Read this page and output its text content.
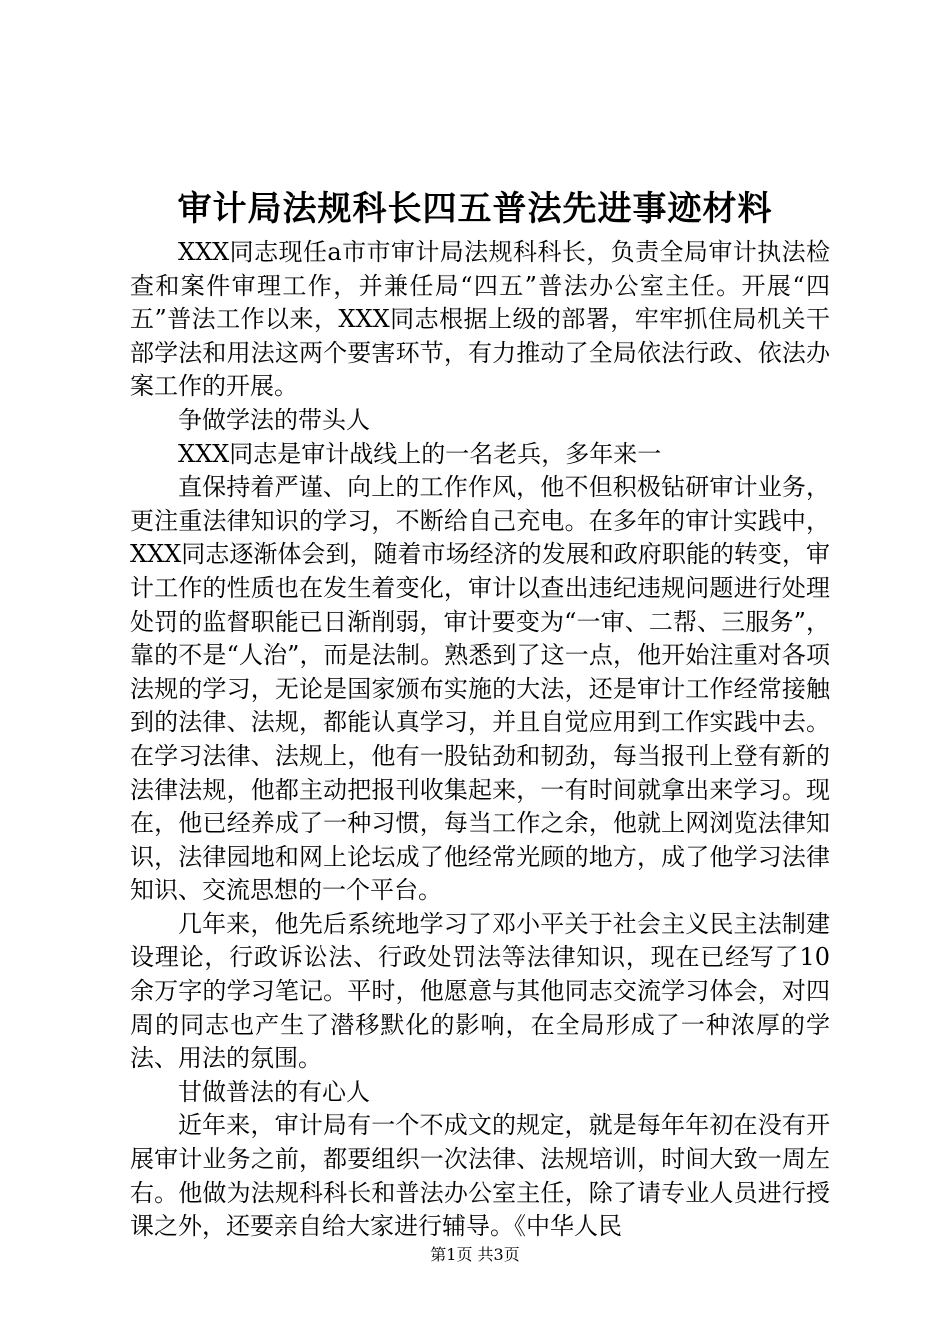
审计局法规科长四五普法先进事迹材料

XXX同志现任a市市审计局法规科科长，负责全局审计执法检查和案件审理工作，并兼任局“四五”普法办公室主任。开展“四五”普法工作以来，XXX同志根据上级的部署，牢牢抓住局机关干部学法和用法这两个要害环节，有力推动了全局依法行政、依法办案工作的开展。

争做学法的带头人

XXX同志是审计战线上的一名老兵，多年来一

直保持着严谨、向上的工作作风，他不但积极钻研审计业务，更注重法律知识的学习，不断给自己充电。在多年的审计实践中，XXX同志逐渐体会到，随着市场经济的发展和政府职能的转变，审计工作的性质也在发生着变化，审计以查出违纪违规问题进行处理处罚的监督职能已日渐削弱，审计要变为“一审、二帮、三服务”，靠的不是“人治”，而是法制。熟悉到了这一点，他开始注重对各项法规的学习，无论是国家颁布实施的大法，还是审计工作经常接触到的法律、法规，都能认真学习，并且自觉应用到工作实践中去。在学习法律、法规上，他有一股钻劲和韧劲，每当报刊上登有新的法律法规，他都主动把报刊收集起来，一有时间就拿出来学习。现在，他已经养成了一种习惯，每当工作之余，他就上网浏览法律知识，法律园地和网上论坛成了他经常光顾的地方，成了他学习法律知识、交流思想的一个平台。

几年来，他先后系统地学习了邓小平关于社会主义民主法制建设理论，行政诉讼法、行政处罚法等法律知识，现在已经写了10余万字的学习笔记。平时，他愿意与其他同志交流学习体会，对四周的同志也产生了潜移默化的影响，在全局形成了一种浓厚的学法、用法的氛围。

甘做普法的有心人

近年来，审计局有一个不成文的规定，就是每年年初在没有开展审计业务之前，都要组织一次法律、法规培训，时间大致一周左右。他做为法规科科长和普法办公室主任，除了请专业人员进行授课之外，还要亲自给大家进行辅导。《中华人民

第1页 共3页
